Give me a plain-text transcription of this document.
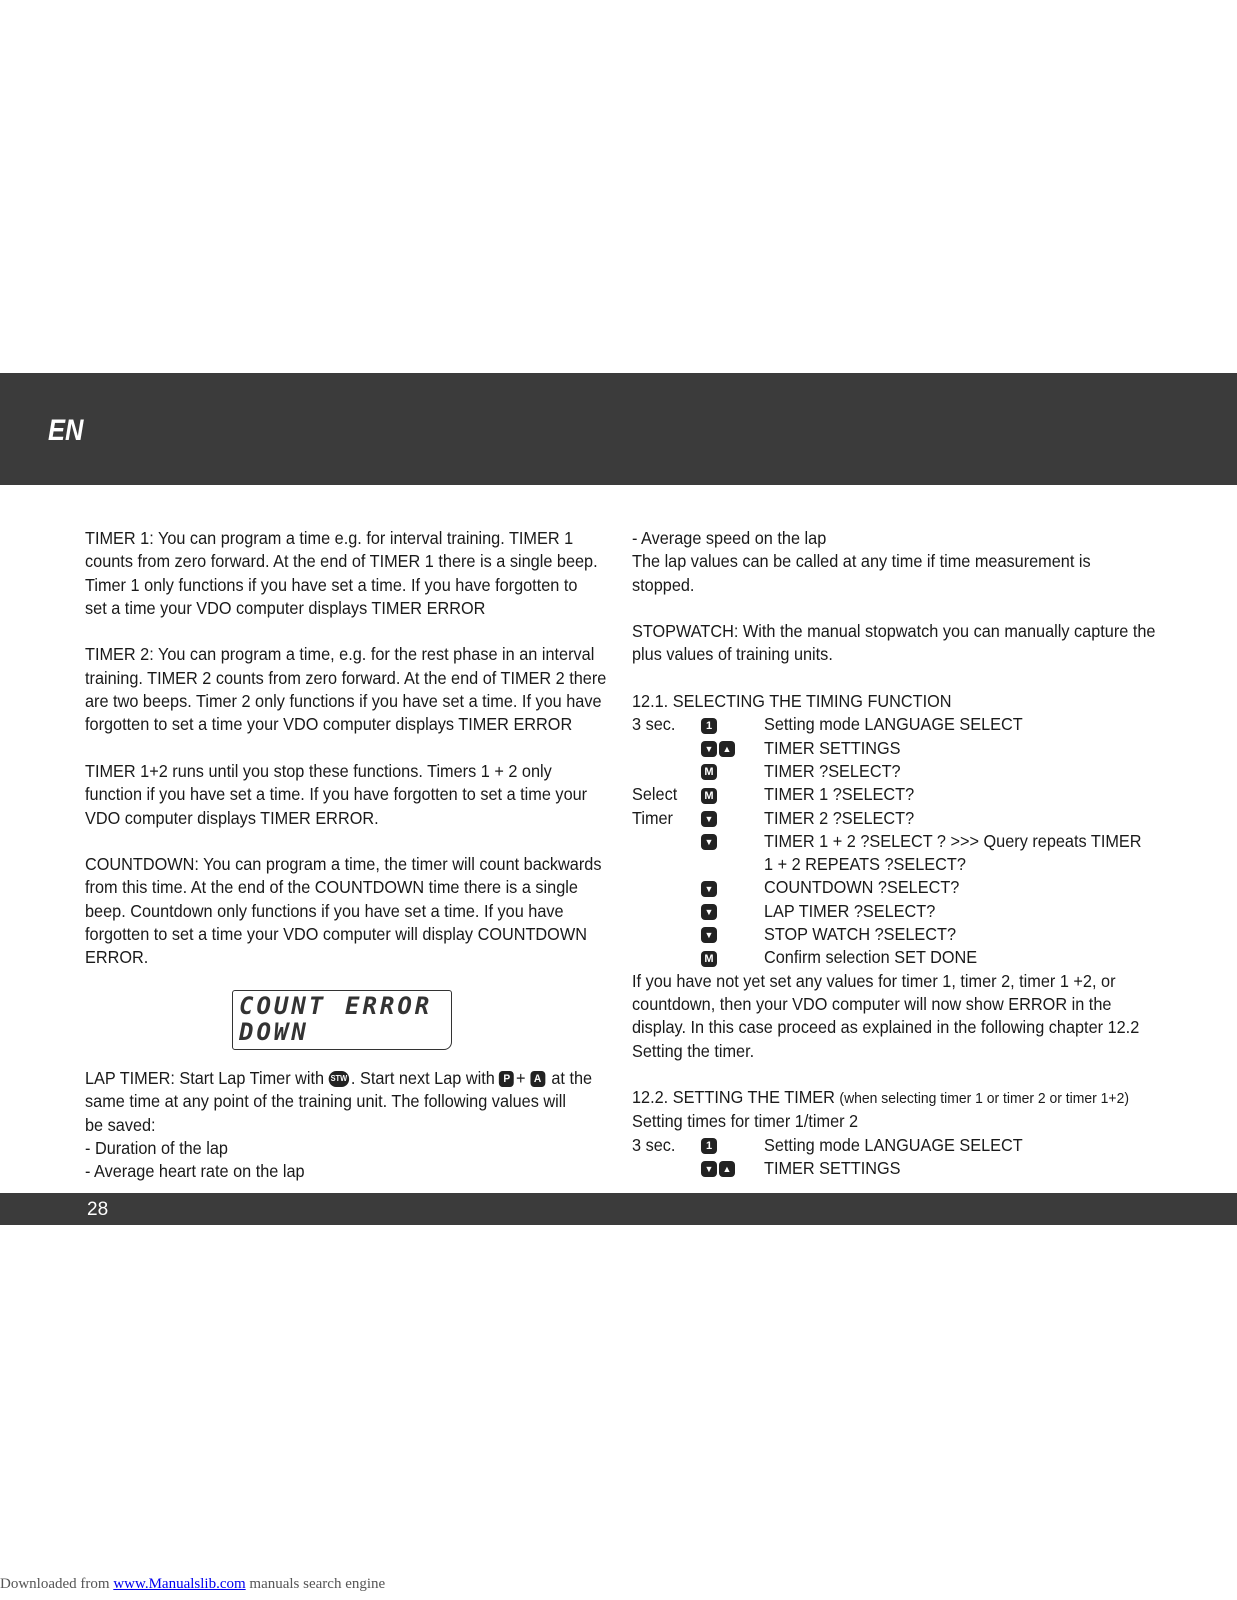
EN

TIMER 1: You can program a time e.g. for interval training. TIMER 1
counts from zero forward. At the end of TIMER 1 there is a single beep.
Timer 1 only functions if you have set a time. If you have forgotten to
set a time your VDO computer displays TIMER ERROR

TIMER 2: You can program a time, e.g. for the rest phase in an interval
training. TIMER 2 counts from zero forward. At the end of TIMER 2 there
are two beeps. Timer 2 only functions if you have set a time. If you have
forgotten to set a time your VDO computer displays TIMER ERROR

TIMER 1+2 runs until you stop these functions. Timers 1 + 2 only
function if you have set a time. If you have forgotten to set a time your
VDO computer displays TIMER ERROR.

COUNTDOWN: You can program a time, the timer will count backwards
from this time. At the end of the COUNTDOWN time there is a single
beep. Countdown only functions if you have set a time. If you have
forgotten to set a time your VDO computer will display COUNTDOWN
ERROR.

COUNT ERROR
DOWN
LAP TIMER: Start Lap Timer with STW . Start next Lap with P + A at the
same time at any point of the training unit. The following values will
be saved:
- Duration of the lap
- Average heart rate on the lap

- Average speed on the lap
The lap values can be called at any time if time measurement is
stopped.

STOPWATCH: With the manual stopwatch you can manually capture the
plus values of training units.

12.1. SELECTING THE TIMING FUNCTION
3 sec.	1	Setting mode LANGUAGE SELECT
▼▲
TIMER SETTINGS
M	TIMER ?SELECT?
Select	M	TIMER 1 ?SELECT?
Timer
▼	TIMER 2 ?SELECT?
▼
TIMER 1 + 2 ?SELECT ? >>> Query repeats TIMER
1 + 2 REPEATS ?SELECT?
▼
COUNTDOWN ?SELECT?
▼
LAP TIMER ?SELECT?
▼
STOP WATCH ?SELECT?
M	Confirm selection SET DONE

If you have not yet set any values for timer 1, timer 2, timer 1 +2, or
countdown, then your VDO computer will now show ERROR in the
display. In this case proceed as explained in the following chapter 12.2
Setting the timer.

12.2. SETTING THE TIMER (when selecting timer 1 or timer 2 or timer 1+2)
Setting times for timer 1/timer 2
3 sec.	1	Setting mode LANGUAGE SELECT
▼▲
TIMER SETTINGS
28
Downloaded from www.Manualslib.com manuals search engine
